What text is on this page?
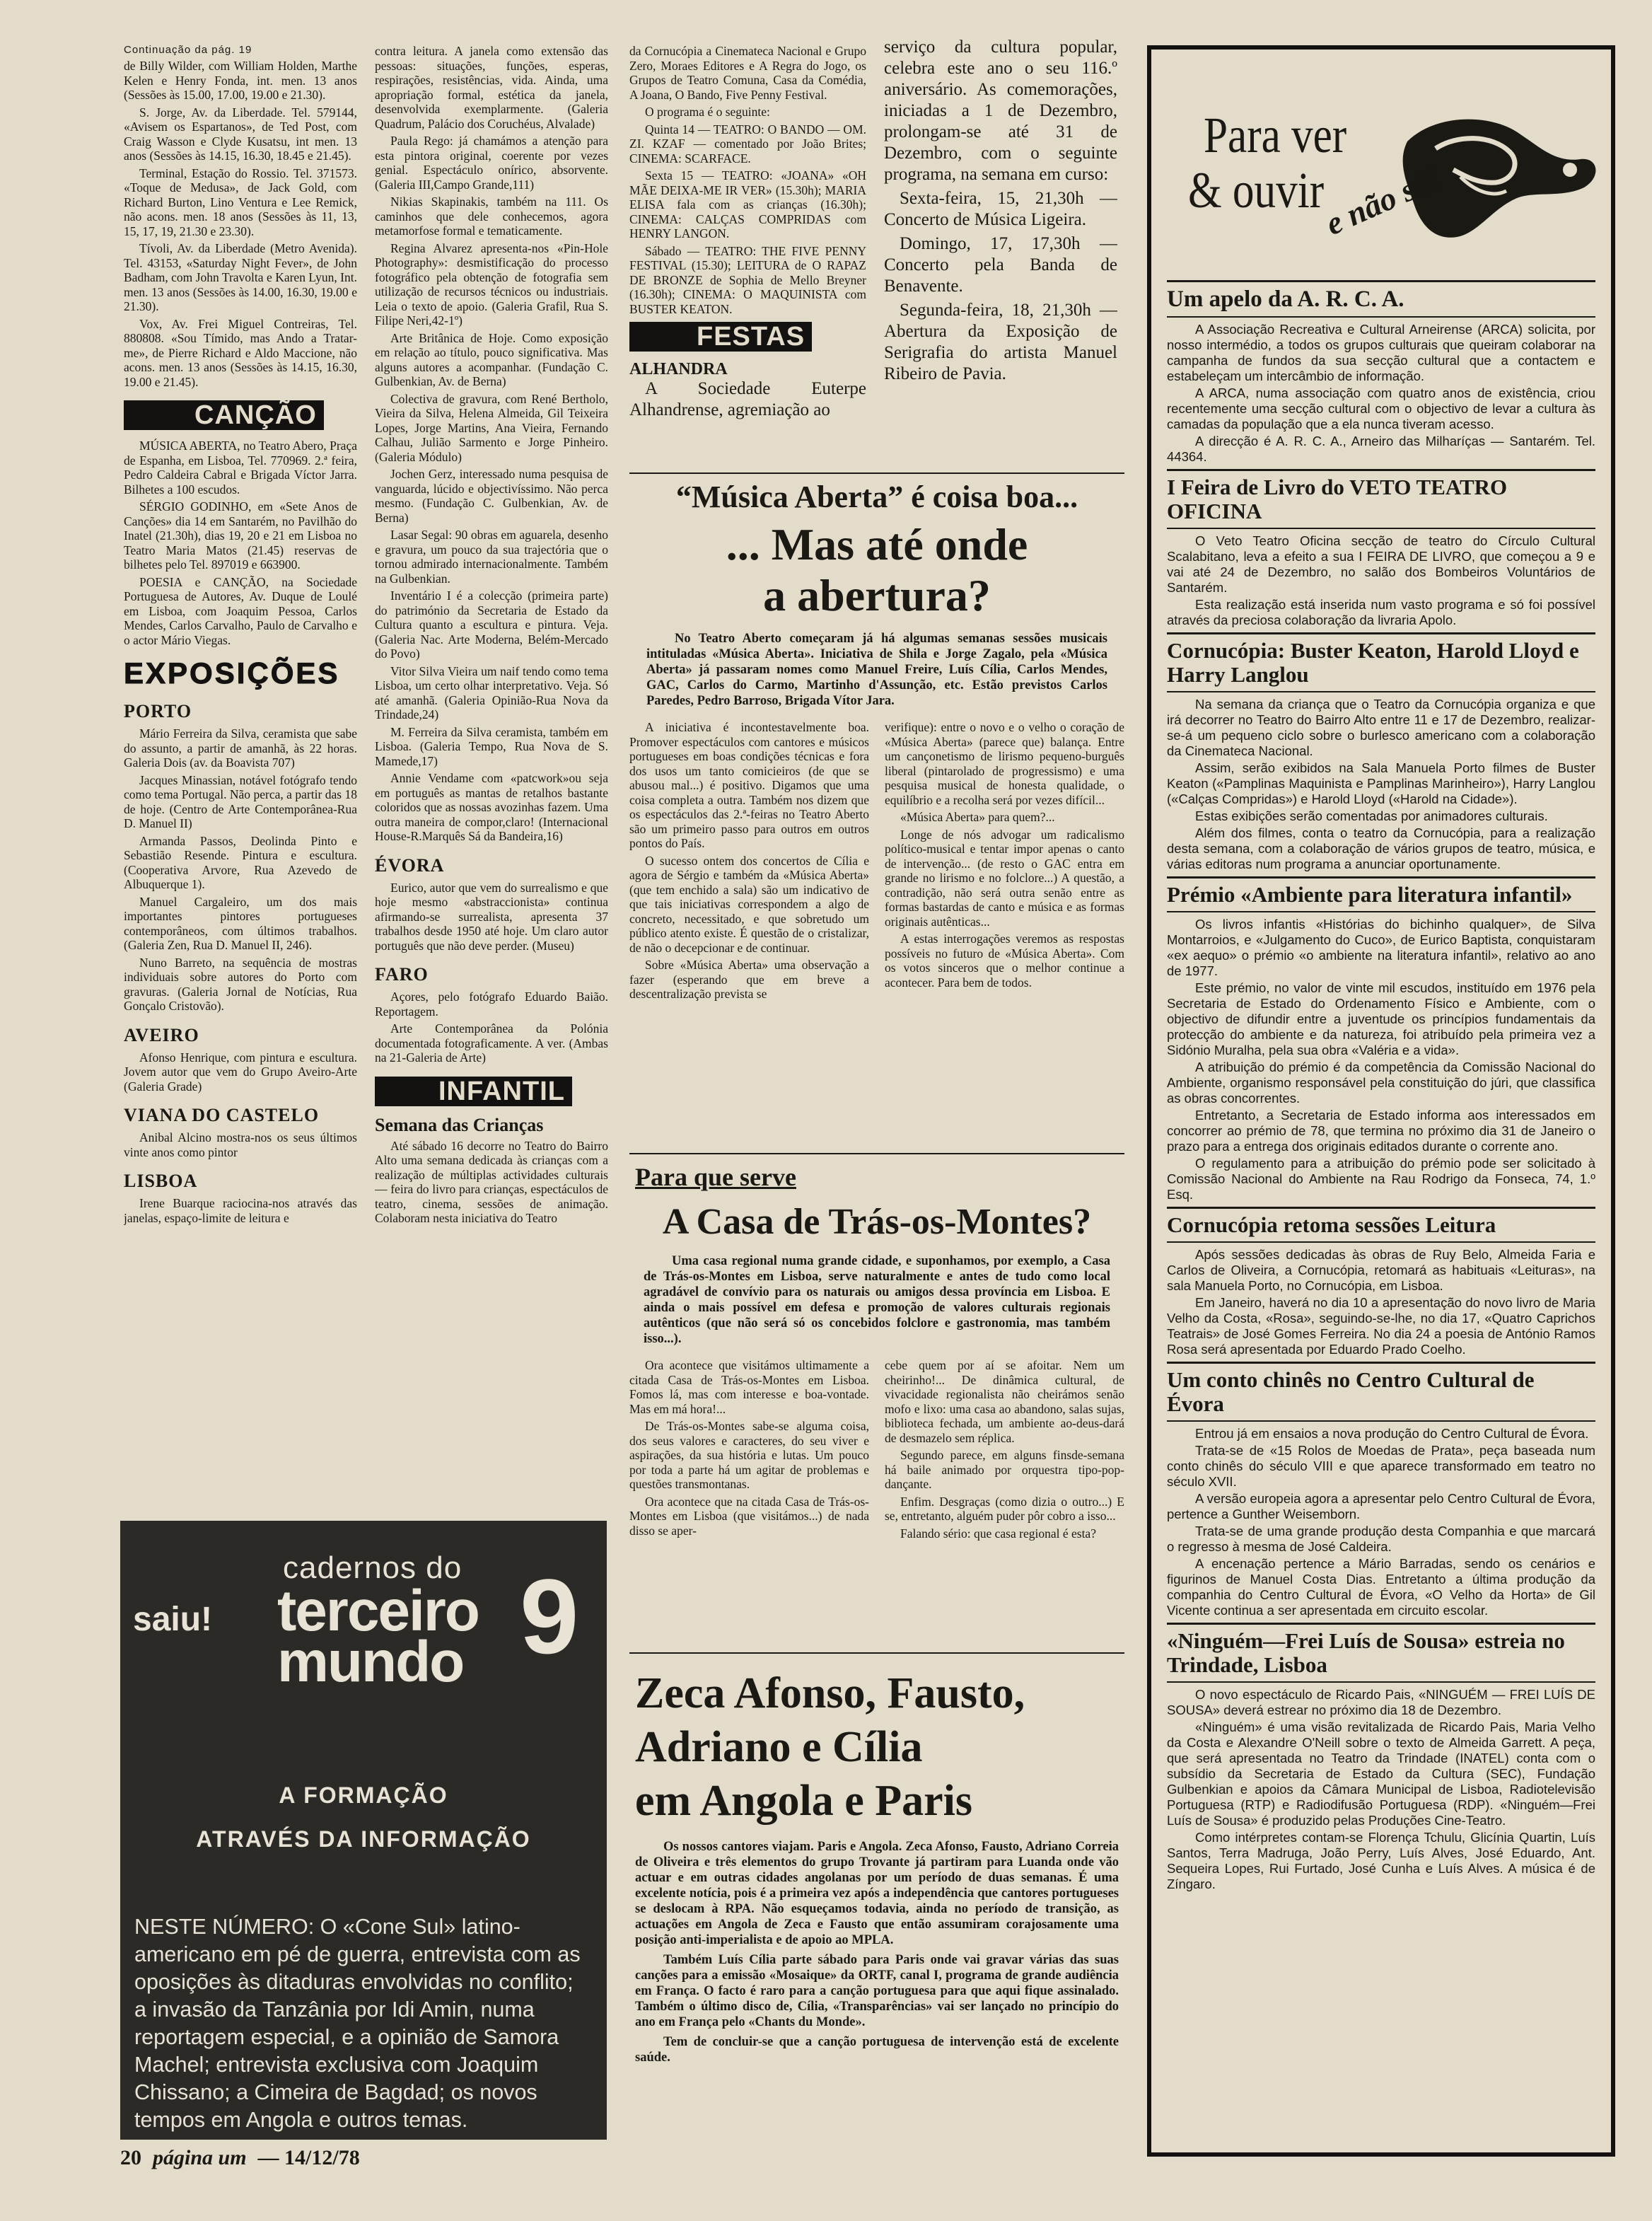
Continuação da pág. 19

de Billy Wilder, com William Holden, Marthe Kelen e Henry Fonda, int. men. 13 anos (Sessões às 15.00, 17.00, 19.00 e 21.30).

S. Jorge, Av. da Liberdade. Tel. 579144, «Avisem os Espartanos», de Ted Post, com Craig Wasson e Clyde Kusatsu, int men. 13 anos (Sessões às 14.15, 16.30, 18.45 e 21.45).

Terminal, Estação do Rossio. Tel. 371573. «Toque de Medusa», de Jack Gold, com Richard Burton, Lino Ventura e Lee Remick, não acons. men. 18 anos (Sessões às 11, 13, 15, 17, 19, 21.30 e 23.30).

Tívoli, Av. da Liberdade (Metro Avenida). Tel. 43153, «Saturday Night Fever», de John Badham, com John Travolta e Karen Lyun, Int. men. 13 anos (Sessões às 14.00, 16.30, 19.00 e 21.30).

Vox, Av. Frei Miguel Contreiras, Tel. 880808. «Sou Tímido, mas Ando a Tratar-me», de Pierre Richard e Aldo Maccione, não acons. men. 13 anos (Sessões às 14.15, 16.30, 19.00 e 21.45).

CANÇÃO

MÚSICA ABERTA, no Teatro Abero, Praça de Espanha, em Lisboa, Tel. 770969. 2.ª feira, Pedro Caldeira Cabral e Brigada Víctor Jarra. Bilhetes a 100 escudos.

SÉRGIO GODINHO, em «Sete Anos de Canções» dia 14 em Santarém, no Pavilhão do Inatel (21.30h), dias 19, 20 e 21 em Lisboa no Teatro Maria Matos (21.45) reservas de bilhetes pelo Tel. 897019 e 663900.

POESIA e CANÇÃO, na Sociedade Portuguesa de Autores, Av. Duque de Loulé em Lisboa, com Joaquim Pessoa, Carlos Mendes, Carlos Carvalho, Paulo de Carvalho e o actor Mário Viegas.

EXPOSIÇÕES
PORTO

Mário Ferreira da Silva, ceramista que sabe do assunto, a partir de amanhã, às 22 horas. Galeria Dois (av. da Boavista 707)

Jacques Minassian, notável fotógrafo tendo como tema Portugal. Não perca, a partir das 18 de hoje. (Centro de Arte Contemporânea-Rua D. Manuel II)

Armanda Passos, Deolinda Pinto e Sebastião Resende. Pintura e escultura. (Cooperativa Arvore, Rua Azevedo de Albuquerque 1).

Manuel Cargaleiro, um dos mais importantes pintores portugueses contemporâneos, com últimos trabalhos. (Galeria Zen, Rua D. Manuel II, 246).

Nuno Barreto, na sequência de mostras individuais sobre autores do Porto com gravuras. (Galeria Jornal de Notícias, Rua Gonçalo Cristovão).

AVEIRO

Afonso Henrique, com pintura e escultura. Jovem autor que vem do Grupo Aveiro-Arte (Galeria Grade)

VIANA DO CASTELO

Anibal Alcino mostra-nos os seus últimos vinte anos como pintor

LISBOA

Irene Buarque raciocina-nos através das janelas, espaço-limite de leitura e

contra leitura. A janela como extensão das pessoas: situações, funções, esperas, respirações, resistências, vida. Ainda, uma apropriação formal, estética da janela, desenvolvida exemplarmente. (Galeria Quadrum, Palácio dos Coruchéus, Alvalade)

Paula Rego: já chamámos a atenção para esta pintora original, coerente por vezes genial. Espectáculo onírico, absorvente. (Galeria III,Campo Grande,111)

Nikias Skapinakis, também na 111. Os caminhos que dele conhecemos, agora metamorfose formal e tematicamente.

Regina Alvarez apresenta-nos «Pin-Hole Photography»: desmistificação do processo fotográfico pela obtenção de fotografia sem utilização de recursos técnicos ou industriais. Leia o texto de apoio. (Galeria Grafil, Rua S. Filipe Neri,42-1º)

Arte Britânica de Hoje. Como exposição em relação ao título, pouco significativa. Mas alguns autores a acompanhar. (Fundação C. Gulbenkian, Av. de Berna)

Colectiva de gravura, com René Bertholo, Vieira da Silva, Helena Almeida, Gil Teixeira Lopes, Jorge Martins, Ana Vieira, Fernando Calhau, Julião Sarmento e Jorge Pinheiro. (Galeria Módulo)

Jochen Gerz, interessado numa pesquisa de vanguarda, lúcido e objectivíssimo. Não perca mesmo. (Fundação C. Gulbenkian, Av. de Berna)

Lasar Segal: 90 obras em aguarela, desenho e gravura, um pouco da sua trajectória que o tornou admirado internacionalmente. Também na Gulbenkian.

Inventário I é a colecção (primeira parte) do património da Secretaria de Estado da Cultura quanto a escultura e pintura. Veja. (Galeria Nac. Arte Moderna, Belém-Mercado do Povo)

Vitor Silva Vieira um naif tendo como tema Lisboa, um certo olhar interpretativo. Veja. Só até amanhã. (Galeria Opinião-Rua Nova da Trindade,24)

M. Ferreira da Silva ceramista, também em Lisboa. (Galeria Tempo, Rua Nova de S. Mamede,17)

Annie Vendame com «patcwork»ou seja em português as mantas de retalhos bastante coloridos que as nossas avozinhas fazem. Uma outra maneira de compor,claro! (Internacional House-R.Marquês Sá da Bandeira,16)

ÉVORA

Eurico, autor que vem do surrealismo e que hoje mesmo «abstraccionista» continua afirmando-se surrealista, apresenta 37 trabalhos desde 1950 até hoje. Um claro autor português que não deve perder. (Museu)

FARO

Açores, pelo fotógrafo Eduardo Baião. Reportagem.

Arte Contemporânea da Polónia documentada fotograficamente. A ver. (Ambas na 21-Galeria de Arte)

INFANTIL
Semana das Crianças

Até sábado 16 decorre no Teatro do Bairro Alto uma semana dedicada às crianças com a realização de múltiplas actividades culturais — feira do livro para crianças, espectáculos de teatro, cinema, sessões de animação. Colaboram nesta iniciativa do Teatro

da Cornucópia a Cinemateca Nacional e Grupo Zero, Moraes Editores e A Regra do Jogo, os Grupos de Teatro Comuna, Casa da Comédia, A Joana, O Bando, Five Penny Festival.

O programa é o seguinte:

Quinta 14 — TEATRO: O BANDO — OM. ZI. KZAF — comentado por João Brites; CINEMA: SCARFACE.

Sexta 15 — TEATRO: «JOANA» «OH MÃE DEIXA-ME IR VER» (15.30h); MARIA ELISA fala com as crianças (16.30h); CINEMA: CALÇAS COMPRIDAS com HENRY LANGON.

Sábado — TEATRO: THE FIVE PENNY FESTIVAL (15.30); LEITURA de O RAPAZ DE BRONZE de Sophia de Mello Breyner (16.30h); CINEMA: O MAQUINISTA com BUSTER KEATON.

FESTAS
ALHANDRA

A Sociedade Euterpe Alhandrense, agremiação ao

serviço da cultura popular, celebra este ano o seu 116.º aniversário. As comemorações, iniciadas a 1 de Dezembro, prolongam-se até 31 de Dezembro, com o seguinte programa, na semana em curso:

Sexta-feira, 15, 21,30h — Concerto de Música Ligeira.

Domingo, 17, 17,30h — Concerto pela Banda de Benavente.

Segunda-feira, 18, 21,30h — Abertura da Exposição de Serigrafia do artista Manuel Ribeiro de Pavia.

“Música Aberta” é coisa boa...
... Mas até onde
a abertura?

No Teatro Aberto começaram já há algumas semanas sessões musicais intituladas «Música Aberta». Iniciativa de Shila e Jorge Zagalo, pela «Música Aberta» já passaram nomes como Manuel Freire, Luís Cília, Carlos Mendes, GAC, Carlos do Carmo, Martinho d'Assunção, etc. Estão previstos Carlos Paredes, Pedro Barroso, Brigada Vítor Jara.

A iniciativa é incontestavelmente boa. Promover espectáculos com cantores e músicos portugueses em boas condições técnicas e fora dos usos um tanto comicieiros (de que se abusou mal...) é positivo. Digamos que uma coisa completa a outra. Também nos dizem que os espectáculos das 2.ª-feiras no Teatro Aberto são um primeiro passo para outros em outros pontos do País.

O sucesso ontem dos concertos de Cília e agora de Sérgio e também da «Música Aberta» (que tem enchido a sala) são um indicativo de que tais iniciativas correspondem a algo de concreto, necessitado, e que sobretudo um público atento existe. É questão de o cristalizar, de não o decepcionar e de continuar.

Sobre «Música Aberta» uma observação a fazer (esperando que em breve a descentralização prevista se

verifique): entre o novo e o velho o coração de «Música Aberta» (parece que) balança. Entre um cançonetismo de lirismo pequeno-burguês liberal (pintarolado de progressismo) e uma pesquisa musical de honesta qualidade, o equilíbrio e a recolha será por vezes difícil...

«Música Aberta» para quem?...

Longe de nós advogar um radicalismo político-musical e tentar impor apenas o canto de intervenção... (de resto o GAC entra em grande no lirismo e no folclore...) A questão, a contradição, não será outra senão entre as formas bastardas de canto e música e as formas originais autênticas...

A estas interrogações veremos as respostas possíveis no futuro de «Música Aberta». Com os votos sinceros que o melhor continue a acontecer. Para bem de todos.

Para que serve
A Casa de Trás-os-Montes?

Uma casa regional numa grande cidade, e suponhamos, por exemplo, a Casa de Trás-os-Montes em Lisboa, serve naturalmente e antes de tudo como local agradável de convívio para os naturais ou amigos dessa província em Lisboa. E ainda o mais possível em defesa e promoção de valores culturais regionais autênticos (que não será só os concebidos folclore e gastronomia, mas também isso...).

Ora acontece que visitámos ultimamente a citada Casa de Trás-os-Montes em Lisboa. Fomos lá, mas com interesse e boa-vontade. Mas em má hora!...

De Trás-os-Montes sabe-se alguma coisa, dos seus valores e caracteres, do seu viver e aspirações, da sua história e lutas. Um pouco por toda a parte há um agitar de problemas e questões transmontanas.

Ora acontece que na citada Casa de Trás-os-Montes em Lisboa (que visitámos...) de nada disso se aper-

cebe quem por aí se afoitar. Nem um cheirinho!... De dinâmica cultural, de vivacidade regionalista não cheirámos senão mofo e lixo: uma casa ao abandono, salas sujas, biblioteca fechada, um ambiente ao-deus-dará de desmazelo sem réplica.

Segundo parece, em alguns finsde-semana há baile animado por orquestra tipo-pop-dançante.

Enfim. Desgraças (como dizia o outro...) E se, entretanto, alguém puder pôr cobro a isso...

Falando sério: que casa regional é esta?

Zeca Afonso, Fausto,
Adriano e Cília
em Angola e Paris

Os nossos cantores viajam. Paris e Angola. Zeca Afonso, Fausto, Adriano Correia de Oliveira e três elementos do grupo Trovante já partiram para Luanda onde vão actuar e em outras cidades angolanas por um período de duas semanas. É uma excelente notícia, pois é a primeira vez após a independência que cantores portugueses se deslocam à RPA. Não esqueçamos todavia, ainda no período de transição, as actuações em Angola de Zeca e Fausto que então assumiram corajosamente uma posição anti-imperialista e de apoio ao MPLA.

Também Luís Cília parte sábado para Paris onde vai gravar várias das suas canções para a emissão «Mosaique» da ORTF, canal I, programa de grande audiência em França. O facto é raro para a canção portuguesa para que aqui fique assinalado. Também o último disco de, Cília, «Transparências» vai ser lançado no princípio do ano em França pelo «Chants du Monde».

Tem de concluir-se que a canção portuguesa de intervenção está de excelente saúde.

saiu!
cadernos do
terceiro
mundo 9
A FORMAÇÃO
ATRAVÉS DA INFORMAÇÃO
NESTE NÚMERO: O «Cone Sul» latino-americano em pé de guerra, entrevista com as oposições às ditaduras envolvidas no conflito; a invasão da Tanzânia por Idi Amin, numa reportagem especial, e a opinião de Samora Machel; entrevista exclusiva com Joaquim Chissano; a Cimeira de Bagdad; os novos tempos em Angola e outros temas.
20 página um — 14/12/78
Para ver
& ouvir
e não só!
Um apelo da A. R. C. A.

A Associação Recreativa e Cultural Arneirense (ARCA) solicita, por nosso intermédio, a todos os grupos culturais que queiram colaborar na campanha de fundos da sua secção cultural que a contactem e estabeleçam um intercâmbio de informação.

A ARCA, numa associação com quatro anos de existência, criou recentemente uma secção cultural com o objectivo de levar a cultura às camadas da população que a ela nunca tiveram acesso.

A direcção é A. R. C. A., Arneiro das Milharíças — Santarém. Tel. 44364.

I Feira de Livro do VETO TEATRO OFICINA

O Veto Teatro Oficina secção de teatro do Círculo Cultural Scalabitano, leva a efeito a sua I FEIRA DE LIVRO, que começou a 9 e vai até 24 de Dezembro, no salão dos Bombeiros Voluntários de Santarém.

Esta realização está inserida num vasto programa e só foi possível através da preciosa colaboração da livraria Apolo.

Cornucópia: Buster Keaton, Harold Lloyd e Harry Langlou

Na semana da criança que o Teatro da Cornucópia organiza e que irá decorrer no Teatro do Bairro Alto entre 11 e 17 de Dezembro, realizar-se-á um pequeno ciclo sobre o burlesco americano com a colaboração da Cinemateca Nacional.

Assim, serão exibidos na Sala Manuela Porto filmes de Buster Keaton («Pamplinas Maquinista e Pamplinas Marinheiro»), Harry Langlou («Calças Compridas») e Harold Lloyd («Harold na Cidade»).

Estas exibições serão comentadas por animadores culturais.

Além dos filmes, conta o teatro da Cornucópia, para a realização desta semana, com a colaboração de vários grupos de teatro, música, e várias editoras num programa a anunciar oportunamente.

Prémio «Ambiente para literatura infantil»

Os livros infantis «Histórias do bichinho qualquer», de Silva Montarroios, e «Julgamento do Cuco», de Eurico Baptista, conquistaram «ex aequo» o prémio «o ambiente na literatura infantil», relativo ao ano de 1977.

Este prémio, no valor de vinte mil escudos, instituído em 1976 pela Secretaria de Estado do Ordenamento Físico e Ambiente, com o objectivo de difundir entre a juventude os princípios fundamentais da protecção do ambiente e da natureza, foi atribuído pela primeira vez a Sidónio Muralha, pela sua obra «Valéria e a vida».

A atribuição do prémio é da competência da Comissão Nacional do Ambiente, organismo responsável pela constituição do júri, que classifica as obras concorrentes.

Entretanto, a Secretaria de Estado informa aos interessados em concorrer ao prémio de 78, que termina no próximo dia 31 de Janeiro o prazo para a entrega dos originais editados durante o corrente ano.

O regulamento para a atribuição do prémio pode ser solicitado à Comissão Nacional do Ambiente na Rau Rodrigo da Fonseca, 74, 1.º Esq.

Cornucópia retoma sessões Leitura

Após sessões dedicadas às obras de Ruy Belo, Almeida Faria e Carlos de Oliveira, a Cornucópia, retomará as habituais «Leituras», na sala Manuela Porto, no Cornucópia, em Lisboa.

Em Janeiro, haverá no dia 10 a apresentação do novo livro de Maria Velho da Costa, «Rosa», seguindo-se-lhe, no dia 17, «Quatro Caprichos Teatrais» de José Gomes Ferreira. No dia 24 a poesia de António Ramos Rosa será apresentada por Eduardo Prado Coelho.

Um conto chinês no Centro Cultural de Évora

Entrou já em ensaios a nova produção do Centro Cultural de Évora.

Trata-se de «15 Rolos de Moedas de Prata», peça baseada num conto chinês do século VIII e que aparece transformado em teatro no século XVII.

A versão europeia agora a apresentar pelo Centro Cultural de Évora, pertence a Gunther Weisemborn.

Trata-se de uma grande produção desta Companhia e que marcará o regresso à mesma de José Caldeira.

A encenação pertence a Mário Barradas, sendo os cenários e figurinos de Manuel Costa Dias. Entretanto a última produção da companhia do Centro Cultural de Évora, «O Velho da Horta» de Gil Vicente continua a ser apresentada em circuito escolar.

«Ninguém—Frei Luís de Sousa» estreia no Trindade, Lisboa

O novo espectáculo de Ricardo Pais, «NINGUÉM — FREI LUÍS DE SOUSA» deverá estrear no próximo dia 18 de Dezembro.

«Ninguém» é uma visão revitalizada de Ricardo Pais, Maria Velho da Costa e Alexandre O'Neill sobre o texto de Almeida Garrett. A peça, que será apresentada no Teatro da Trindade (INATEL) conta com o subsídio da Secretaria de Estado da Cultura (SEC), Fundação Gulbenkian e apoios da Câmara Municipal de Lisboa, Radiotelevisão Portuguesa (RTP) e Radiodifusão Portuguesa (RDP). «Ninguém—Frei Luís de Sousa» é produzido pelas Produções Cine-Teatro.

Como intérpretes contam-se Florença Tchulu, Glicínia Quartin, Luís Santos, Terra Madruga, João Perry, Luís Alves, José Eduardo, Ant. Sequeira Lopes, Rui Furtado, José Cunha e Luís Alves. A música é de Zíngaro.
